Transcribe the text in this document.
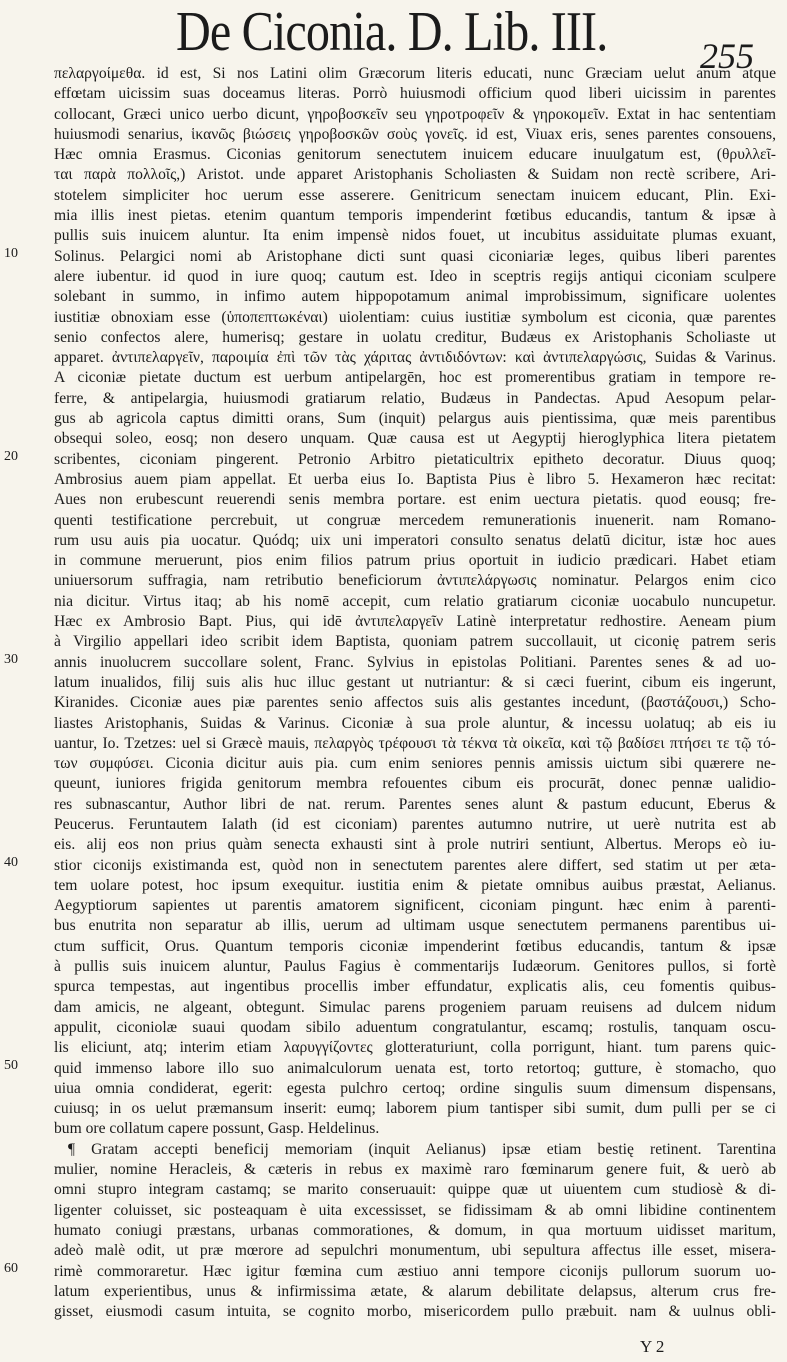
De Ciconia. D. Lib. III.	255
πελαργοίμεθα. id est, Si nos Latini olim Græcorum literis educati, nunc Græciam uelut anum atque
effœtam uicissim suas doceamus literas. Porrò huiusmodi officium quod liberi uicissim in parentes
collocant, Græci unico uerbo dicunt, γηροβοσκεῖν seu γηροτροφεῖν & γηροκομεῖν. Extat in hac sententiam
huiusmodi senarius, ἱκανῶς βιώσεις γηροβοσκῶν σοὺς γονεῖς. id est, Viuax eris, senes parentes consouens,
Hæc omnia Erasmus. Ciconias genitorum senectutem inuicem educare inuulgatum est, (θρυλλεῖ-
ται παρὰ πολλοῖς,) Aristot. unde apparet Aristophanis Scholiasten & Suidam non rectè scribere, Ari-
stotelem simpliciter hoc uerum esse asserere. Genitricum senectam inuicem educant, Plin. Exi-
mia illis inest pietas. etenim quantum temporis impenderint fœtibus educandis, tantum & ipsæ à
pullis suis inuicem aluntur. Ita enim impensè nidos fouet, ut incubitus assiduitate plumas exuant,
Solinus. Pelargici nomi ab Aristophane dicti sunt quasi ciconiariæ leges, quibus liberi parentes
alere iubentur. id quod in iure quoq; cautum est. Ideo in sceptris regijs antiqui ciconiam sculpere
solebant in summo, in infimo autem hippopotamum animal improbissimum, significare uolentes
iustitiæ obnoxiam esse (ὑποπεπτωκέναι) uiolentiam: cuius iustitiæ symbolum est ciconia, quæ parentes
senio confectos alere, humerisq; gestare in uolatu creditur, Budæus ex Aristophanis Scholiaste ut
apparet. ἀντιπελαργεῖν, παροιμία ἐπὶ τῶν τὰς χάριτας ἀντιδιδόντων: καὶ ἀντιπελαργώσις, Suidas & Varinus.
A ciconiæ pietate ductum est uerbum antipelargēn, hoc est promerentibus gratiam in tempore re-
ferre, & antipelargia, huiusmodi gratiarum relatio, Budæus in Pandectas. Apud Aesopum pelar-
gus ab agricola captus dimitti orans, Sum (inquit) pelargus auis pientissima, quæ meis parentibus
obsequi soleo, eosq; non desero unquam. Quæ causa est ut Aegyptij hieroglyphica litera pietatem
scribentes, ciconiam pingerent. Petronio Arbitro pietaticultrix epitheto decoratur. Diuus quoq;
Ambrosius auem piam appellat. Et uerba eius Io. Baptista Pius è libro 5. Hexameron hæc recitat:
Aues non erubescunt reuerendi senis membra portare. est enim uectura pietatis. quod eousq; fre-
quenti testificatione percrebuit, ut congruæ mercedem remunerationis inuenerit. nam Romano-
rum usu auis pia uocatur. Quódq; uix uni imperatori consulto senatus delatū dicitur, istæ hoc aues
in commune meruerunt, pios enim filios patrum prius oportuit in iudicio prædicari. Habet etiam
uniuersorum suffragia, nam retributio beneficiorum ἀντιπελάργωσις nominatur. Pelargos enim cico
nia dicitur. Virtus itaq; ab his nomē accepit, cum relatio gratiarum ciconiæ uocabulo nuncupetur.
Hæc ex Ambrosio Bapt. Pius, qui idē ἀντιπελαργεῖν Latinè interpretatur redhostire. Aeneam pium
à Virgilio appellari ideo scribit idem Baptista, quoniam patrem succollauit, ut ciconię patrem seris
annis inuolucrem succollare solent, Franc. Sylvius in epistolas Politiani. Parentes senes & ad uo-
latum inualidos, filij suis alis huc illuc gestant ut nutriantur: & si cæci fuerint, cibum eis ingerunt,
Kiranides. Ciconiæ aues piæ parentes senio affectos suis alis gestantes incedunt, (βαστάζουσι,) Scho-
liastes Aristophanis, Suidas & Varinus. Ciconiæ à sua prole aluntur, & incessu uolatuq; ab eis iu
uantur, Io. Tzetzes: uel si Græcè mauis, πελαργὸς τρέφουσι τὰ τέκνα τὰ οἰκεῖα, καὶ τῷ βαδίσει πτήσει τε τῷ τό-
των συμφύσει. Ciconia dicitur auis pia. cum enim seniores pennis amissis uictum sibi quærere ne-
queunt, iuniores frigida genitorum membra refouentes cibum eis procurāt, donec pennæ ualidio-
res subnascantur, Author libri de nat. rerum. Parentes senes alunt & pastum educunt, Eberus &
Peucerus. Feruntautem Ialath (id est ciconiam) parentes autumno nutrire, ut uerè nutrita est ab
eis. alij eos non prius quàm senecta exhausti sint à prole nutriri sentiunt, Albertus. Merops eò iu-
stior ciconijs existimanda est, quòd non in senectutem parentes alere differt, sed statim ut per æta-
tem uolare potest, hoc ipsum exequitur. iustitia enim & pietate omnibus auibus præstat, Aelianus.
Aegyptiorum sapientes ut parentis amatorem significent, ciconiam pingunt. hæc enim à parenti-
bus enutrita non separatur ab illis, uerum ad ultimam usque senectutem permanens parentibus ui-
ctum sufficit, Orus. Quantum temporis ciconiæ impenderint fœtibus educandis, tantum & ipsæ
à pullis suis inuicem aluntur, Paulus Fagius è commentarijs Iudæorum. Genitores pullos, si fortè
spurca tempestas, aut ingentibus procellis imber effundatur, explicatis alis, ceu fomentis quibus-
dam amicis, ne algeant, obtegunt. Simulac parens progeniem paruam reuisens ad dulcem nidum
appulit, ciconiolæ suaui quodam sibilo aduentum congratulantur, escamq; rostulis, tanquam oscu-
lis eliciunt, atq; interim etiam λαρυγγίζοντες glotteraturiunt, colla porrigunt, hiant. tum parens quic-
quid immenso labore illo suo animalculorum uenata est, torto retortoq; gutture, è stomacho, quo
uiua omnia condiderat, egerit: egesta pulchro certoq; ordine singulis suum dimensum dispensans,
cuiusq; in os uelut præmansum inserit: eumq; laborem pium tantisper sibi sumit, dum pulli per se ci
bum ore collatum capere possunt, Gasp. Heldelinus.
¶ Gratam accepti beneficij memoriam (inquit Aelianus) ipsæ etiam bestię retinent. Tarentina
mulier, nomine Heracleis, & cæteris in rebus ex maximè raro fœminarum genere fuit, & uerò ab
omni stupro integram castamq; se marito conseruauit: quippe quæ ut uiuentem cum studiosè & di-
ligenter coluisset, sic posteaquam è uita excessisset, se fidissimam & ab omni libidine continentem
humato coniugi præstans, urbanas commorationes, & domum, in qua mortuum uidisset maritum,
adeò malè odit, ut præ mœrore ad sepulchri monumentum, ubi sepultura affectus ille esset, misera-
rimè commoraretur. Hæc igitur fœmina cum æstiuo anni tempore ciconijs pullorum suorum uo-
latum experientibus, unus & infirmissima ætate, & alarum debilitate delapsus, alterum crus fre-
gisset, eiusmodi casum intuita, se cognito morbo, misericordem pullo præbuit. nam & uulnus obli-
10
20
30
40
50
60
Y 2
